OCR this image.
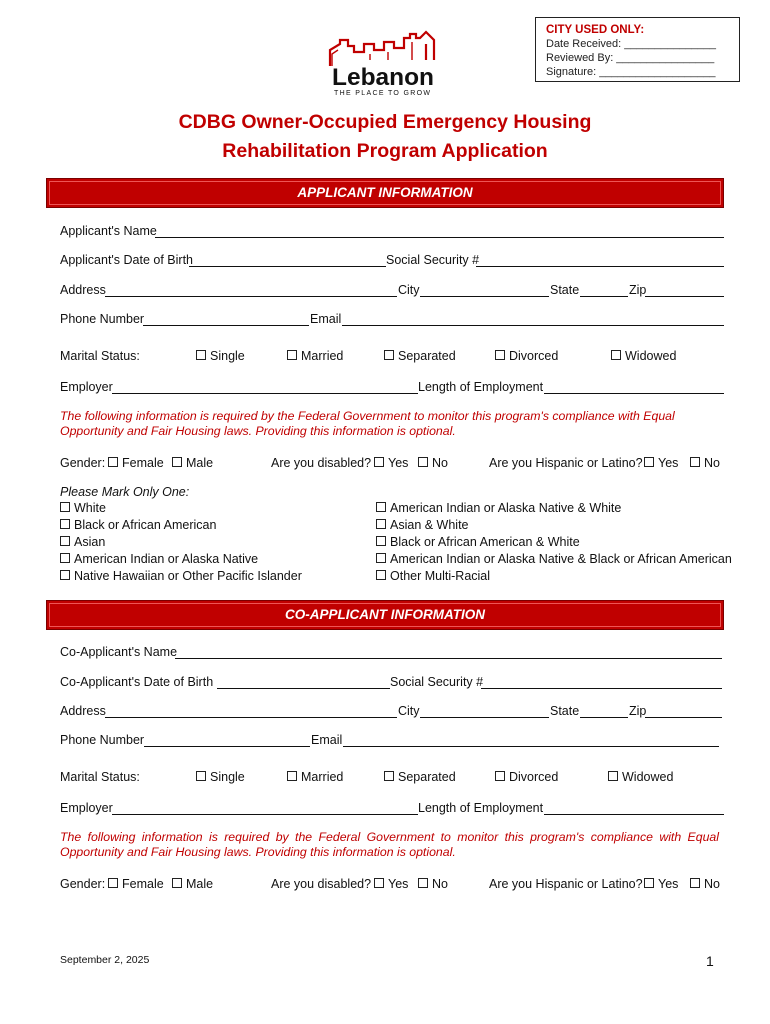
CITY USED ONLY:
Date Received: _______________
Reviewed By: ________________
Signature: ___________________
Lebanon
THE PLACE TO GROW
CDBG Owner-Occupied Emergency Housing
Rehabilitation Program Application
APPLICANT INFORMATION
Applicant's Name
Applicant's Date of Birth	Social Security #
Address	City	State	Zip
Phone Number	Email
Marital Status:	Single	Married	Separated	Divorced	Widowed
Employer	Length of Employment
The following information is required by the Federal Government to monitor this program's compliance with Equal Opportunity and Fair Housing laws. Providing this information is optional.
Gender:	Female	Male	Are you disabled?	Yes	No	Are you Hispanic or Latino?	Yes	No
Please Mark Only One:
White
Black or African American
Asian
American Indian or Alaska Native
Native Hawaiian or Other Pacific Islander
American Indian or Alaska Native & White
Asian & White
Black or African American & White
American Indian or Alaska Native & Black or African American
Other Multi-Racial
CO-APPLICANT INFORMATION
Co-Applicant's Name
Co-Applicant's Date of Birth	Social Security #
Address	City	State	Zip
Phone Number	Email
Marital Status:	Single	Married	Separated	Divorced	Widowed
Employer	Length of Employment
The following information is required by the Federal Government to monitor this program's compliance with Equal Opportunity and Fair Housing laws. Providing this information is optional.
Gender:	Female	Male	Are you disabled?	Yes	No	Are you Hispanic or Latino?	Yes	No
September 2, 2025	1
